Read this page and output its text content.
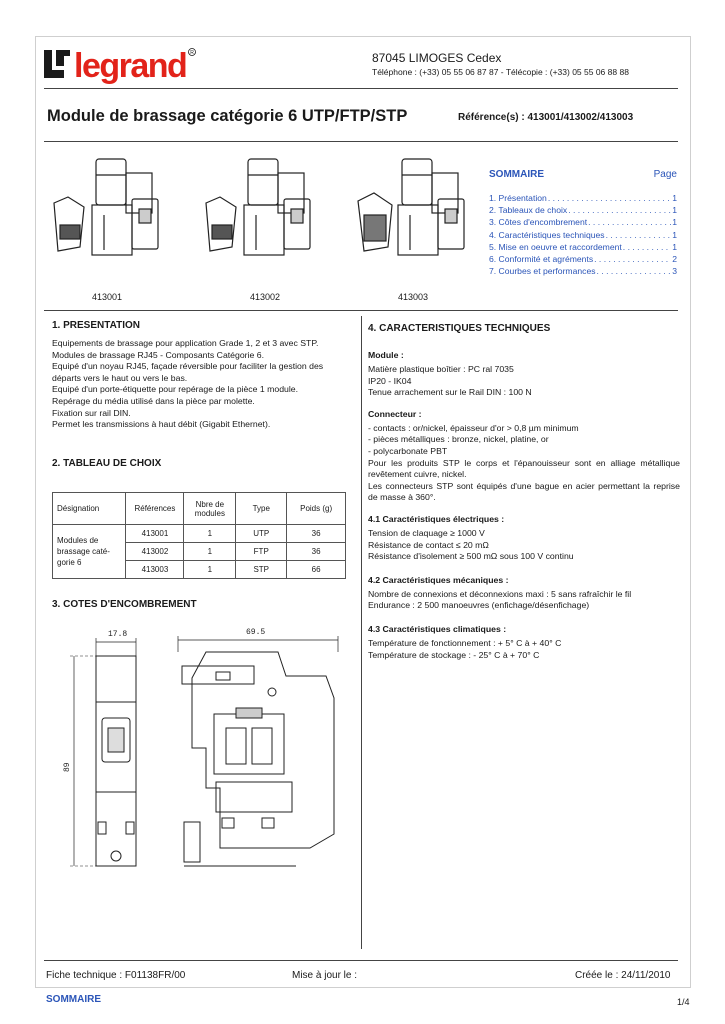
legrand R	87045 LIMOGES Cedex
Téléphone : (+33) 05 55 06 87 87 - Télécopie : (+33) 05 55 06 88 88
Module de brassage catégorie 6 UTP/FTP/STP	Référence(s) : 413001/413002/413003
413001	413002	413003
SOMMAIRE	Page
1. Présentation . . .	1
2. Tableaux de choix . . .	1
3. Côtes d'encombrement . . .	1
4. Caractéristiques techniques . . .	1
5. Mise en oeuvre et raccordement . . .	1
6. Conformité et agréments . . .	2
7. Courbes et performances . . .	3
1. PRESENTATION
Equipements de brassage pour application Grade 1, 2 et 3 avec STP.
Modules de brassage RJ45 - Composants Catégorie 6.
Equipé d'un noyau RJ45, façade réversible pour faciliter la gestion des
départs vers le haut ou vers le bas.
Equipé d'un porte-étiquette pour repérage de la pièce 1 module.
Repérage du média utilisé dans la pièce par molette.
Fixation sur rail DIN.
Permet les transmissions à haut débit (Gigabit Ethernet).
2. TABLEAU DE CHOIX
Désignation	Références	Nbre de modules	Type	Poids (g)
Modules de brassage caté-gorie 6	413001	1	UTP	36
	413002	1	FTP	36
	413003	1	STP	66
3. COTES D'ENCOMBREMENT
17.8	69.5
89
4. CARACTERISTIQUES TECHNIQUES
Module :
Matière plastique boîtier : PC ral 7035
IP20 - IK04
Tenue arrachement sur le Rail DIN : 100 N
Connecteur :
- contacts : or/nickel, épaisseur d'or > 0,8 µm minimum
- pièces métalliques : bronze, nickel, platine, or
- polycarbonate PBT
Pour les produits STP le corps et l'épanouisseur sont en alliage métallique revêtement cuivre, nickel.
Les connecteurs STP sont équipés d'une bague en acier permettant la reprise de masse à 360°.
4.1 Caractéristiques électriques :
Tension de claquage ≥ 1000 V
Résistance de contact ≤ 20 mΩ
Résistance d'isolement ≥ 500 mΩ sous 100 V continu
4.2 Caractéristiques mécaniques :
Nombre de connexions et déconnexions maxi : 5 sans rafraîchir le fil
Endurance : 2 500 manoeuvres (enfichage/désenfichage)
4.3 Caractéristiques climatiques :
Température de fonctionnement : + 5° C à + 40° C
Température de stockage : - 25° C à + 70° C
Fiche technique : F01138FR/00	Mise à jour le :	Créée le : 24/11/2010
SOMMAIRE	1/4
